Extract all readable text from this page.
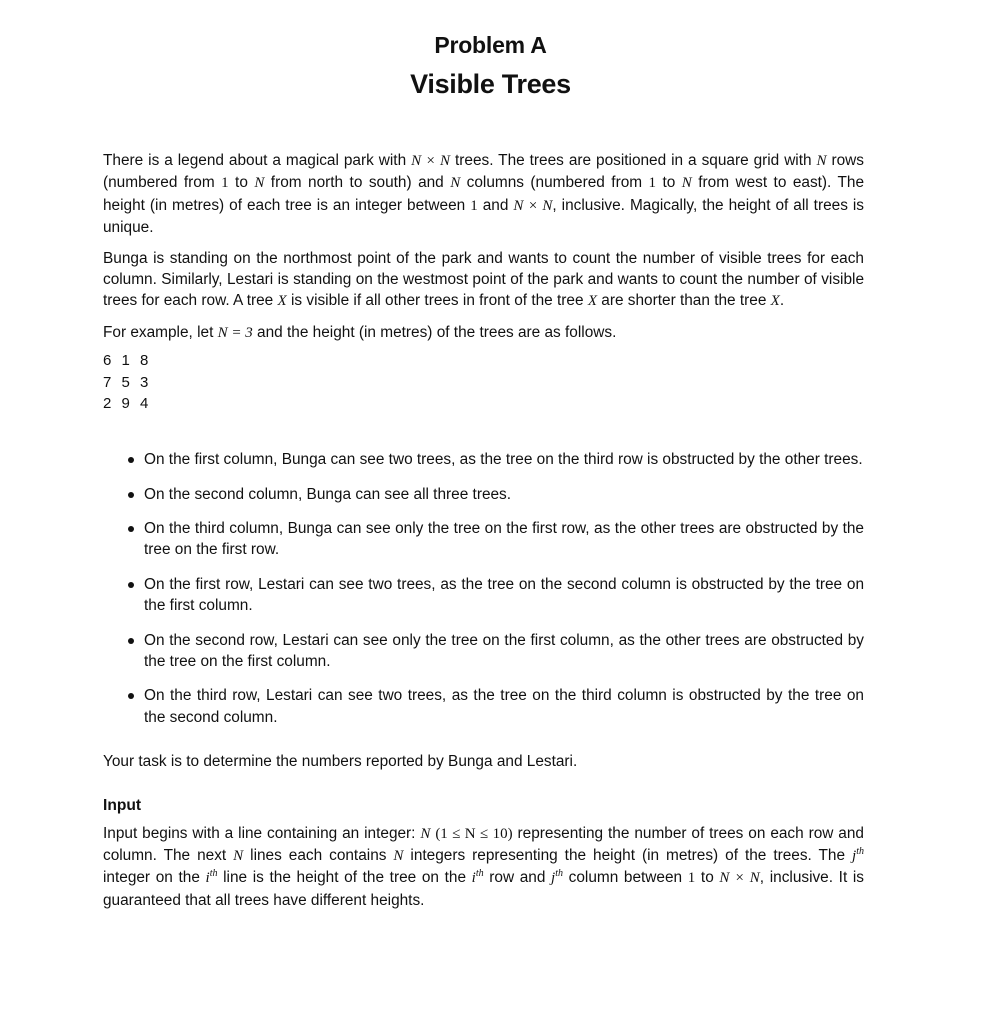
Problem A
Visible Trees

There is a legend about a magical park with N × N trees. The trees are positioned in a square grid with N rows (numbered from 1 to N from north to south) and N columns (numbered from 1 to N from west to east). The height (in metres) of each tree is an integer between 1 and N × N, inclusive. Magically, the height of all trees is unique.

Bunga is standing on the northmost point of the park and wants to count the number of visible trees for each column. Similarly, Lestari is standing on the westmost point of the park and wants to count the number of visible trees for each row. A tree X is visible if all other trees in front of the tree X are shorter than the tree X.

For example, let N = 3 and the height (in metres) of the trees are as follows.

6 1 8
7 5 3
2 9 4
On the first column, Bunga can see two trees, as the tree on the third row is obstructed by the other trees.
On the second column, Bunga can see all three trees.
On the third column, Bunga can see only the tree on the first row, as the other trees are obstructed by the tree on the first row.
On the first row, Lestari can see two trees, as the tree on the second column is obstructed by the tree on the first column.
On the second row, Lestari can see only the tree on the first column, as the other trees are obstructed by the tree on the first column.
On the third row, Lestari can see two trees, as the tree on the third column is obstructed by the tree on the second column.

Your task is to determine the numbers reported by Bunga and Lestari.

Input

Input begins with a line containing an integer: N (1 ≤ N ≤ 10) representing the number of trees on each row and column. The next N lines each contains N integers representing the height (in metres) of the trees. The $j^{th}$ integer on the $i^{th}$ line is the height of the tree on the $i^{th}$ row and $j^{th}$ column between 1 to N × N, inclusive. It is guaranteed that all trees have different heights.
